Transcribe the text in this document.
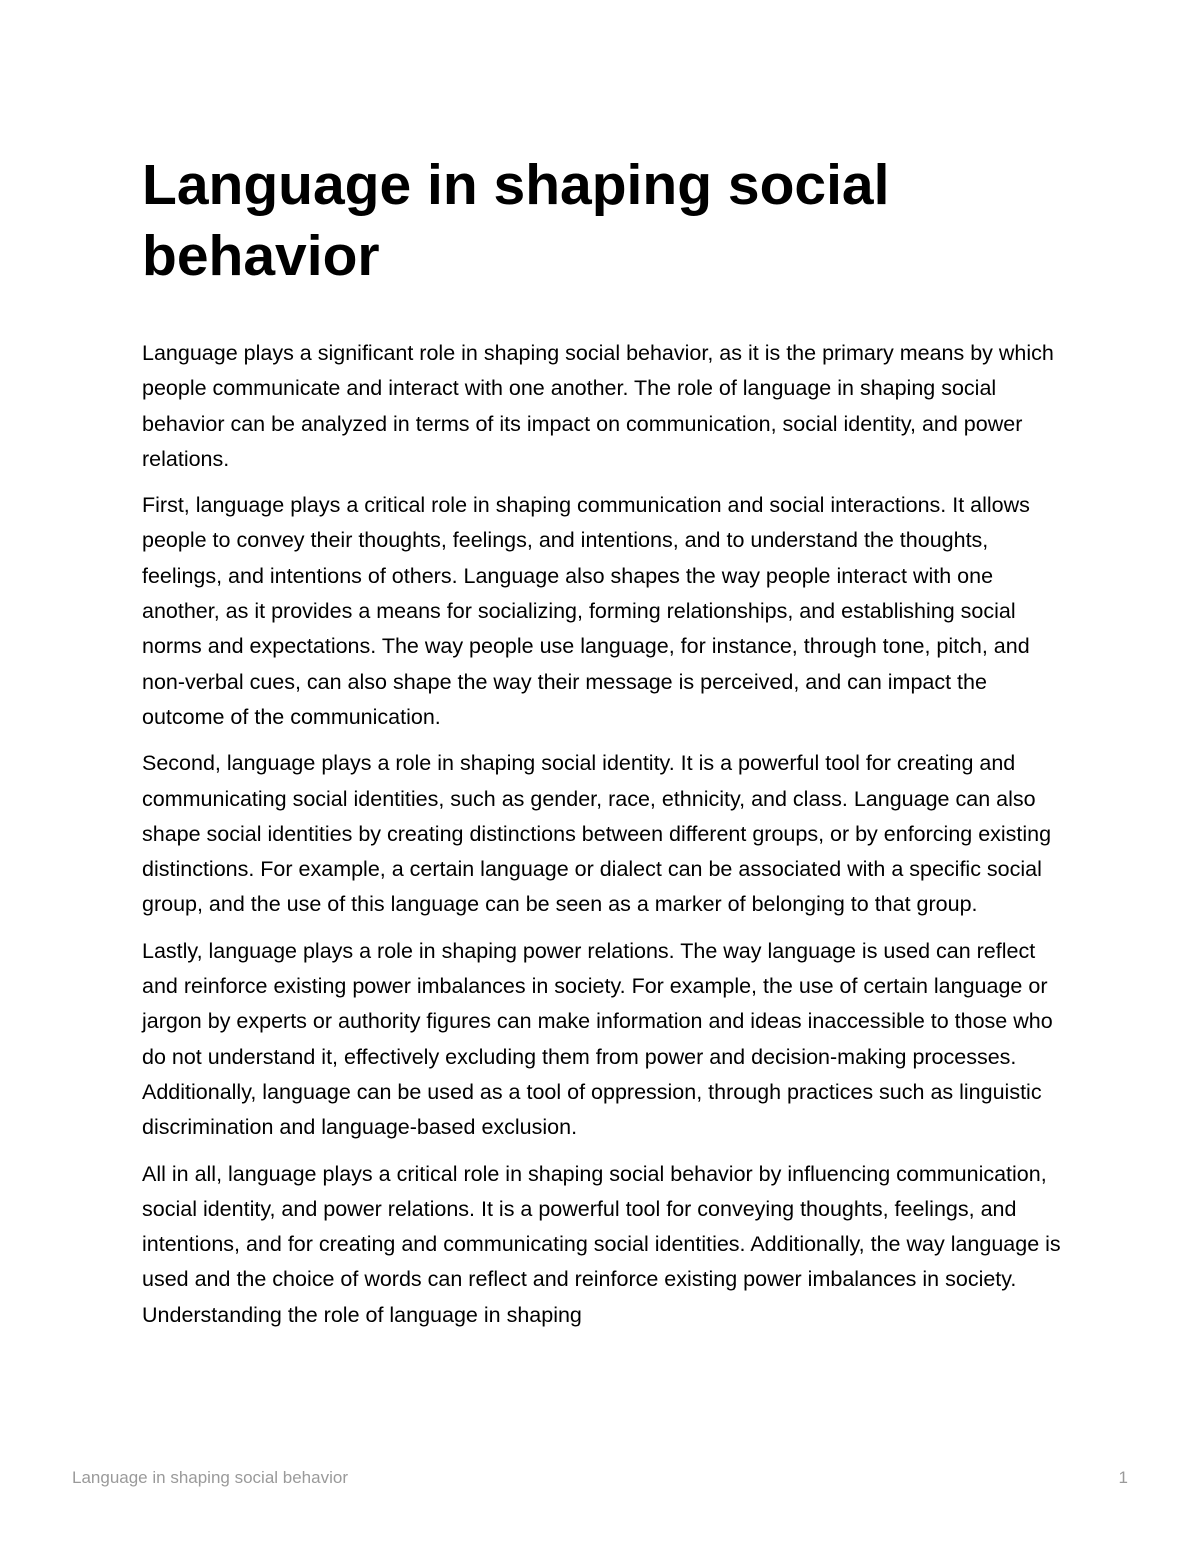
Language in shaping social behavior

Language plays a significant role in shaping social behavior, as it is the primary means by which people communicate and interact with one another. The role of language in shaping social behavior can be analyzed in terms of its impact on communication, social identity, and power relations.

First, language plays a critical role in shaping communication and social interactions. It allows people to convey their thoughts, feelings, and intentions, and to understand the thoughts, feelings, and intentions of others. Language also shapes the way people interact with one another, as it provides a means for socializing, forming relationships, and establishing social norms and expectations. The way people use language, for instance, through tone, pitch, and non-verbal cues, can also shape the way their message is perceived, and can impact the outcome of the communication.

Second, language plays a role in shaping social identity. It is a powerful tool for creating and communicating social identities, such as gender, race, ethnicity, and class. Language can also shape social identities by creating distinctions between different groups, or by enforcing existing distinctions. For example, a certain language or dialect can be associated with a specific social group, and the use of this language can be seen as a marker of belonging to that group.

Lastly, language plays a role in shaping power relations. The way language is used can reflect and reinforce existing power imbalances in society. For example, the use of certain language or jargon by experts or authority figures can make information and ideas inaccessible to those who do not understand it, effectively excluding them from power and decision-making processes. Additionally, language can be used as a tool of oppression, through practices such as linguistic discrimination and language-based exclusion.

All in all, language plays a critical role in shaping social behavior by influencing communication, social identity, and power relations. It is a powerful tool for conveying thoughts, feelings, and intentions, and for creating and communicating social identities. Additionally, the way language is used and the choice of words can reflect and reinforce existing power imbalances in society. Understanding the role of language in shaping

Language in shaping social behavior	1
